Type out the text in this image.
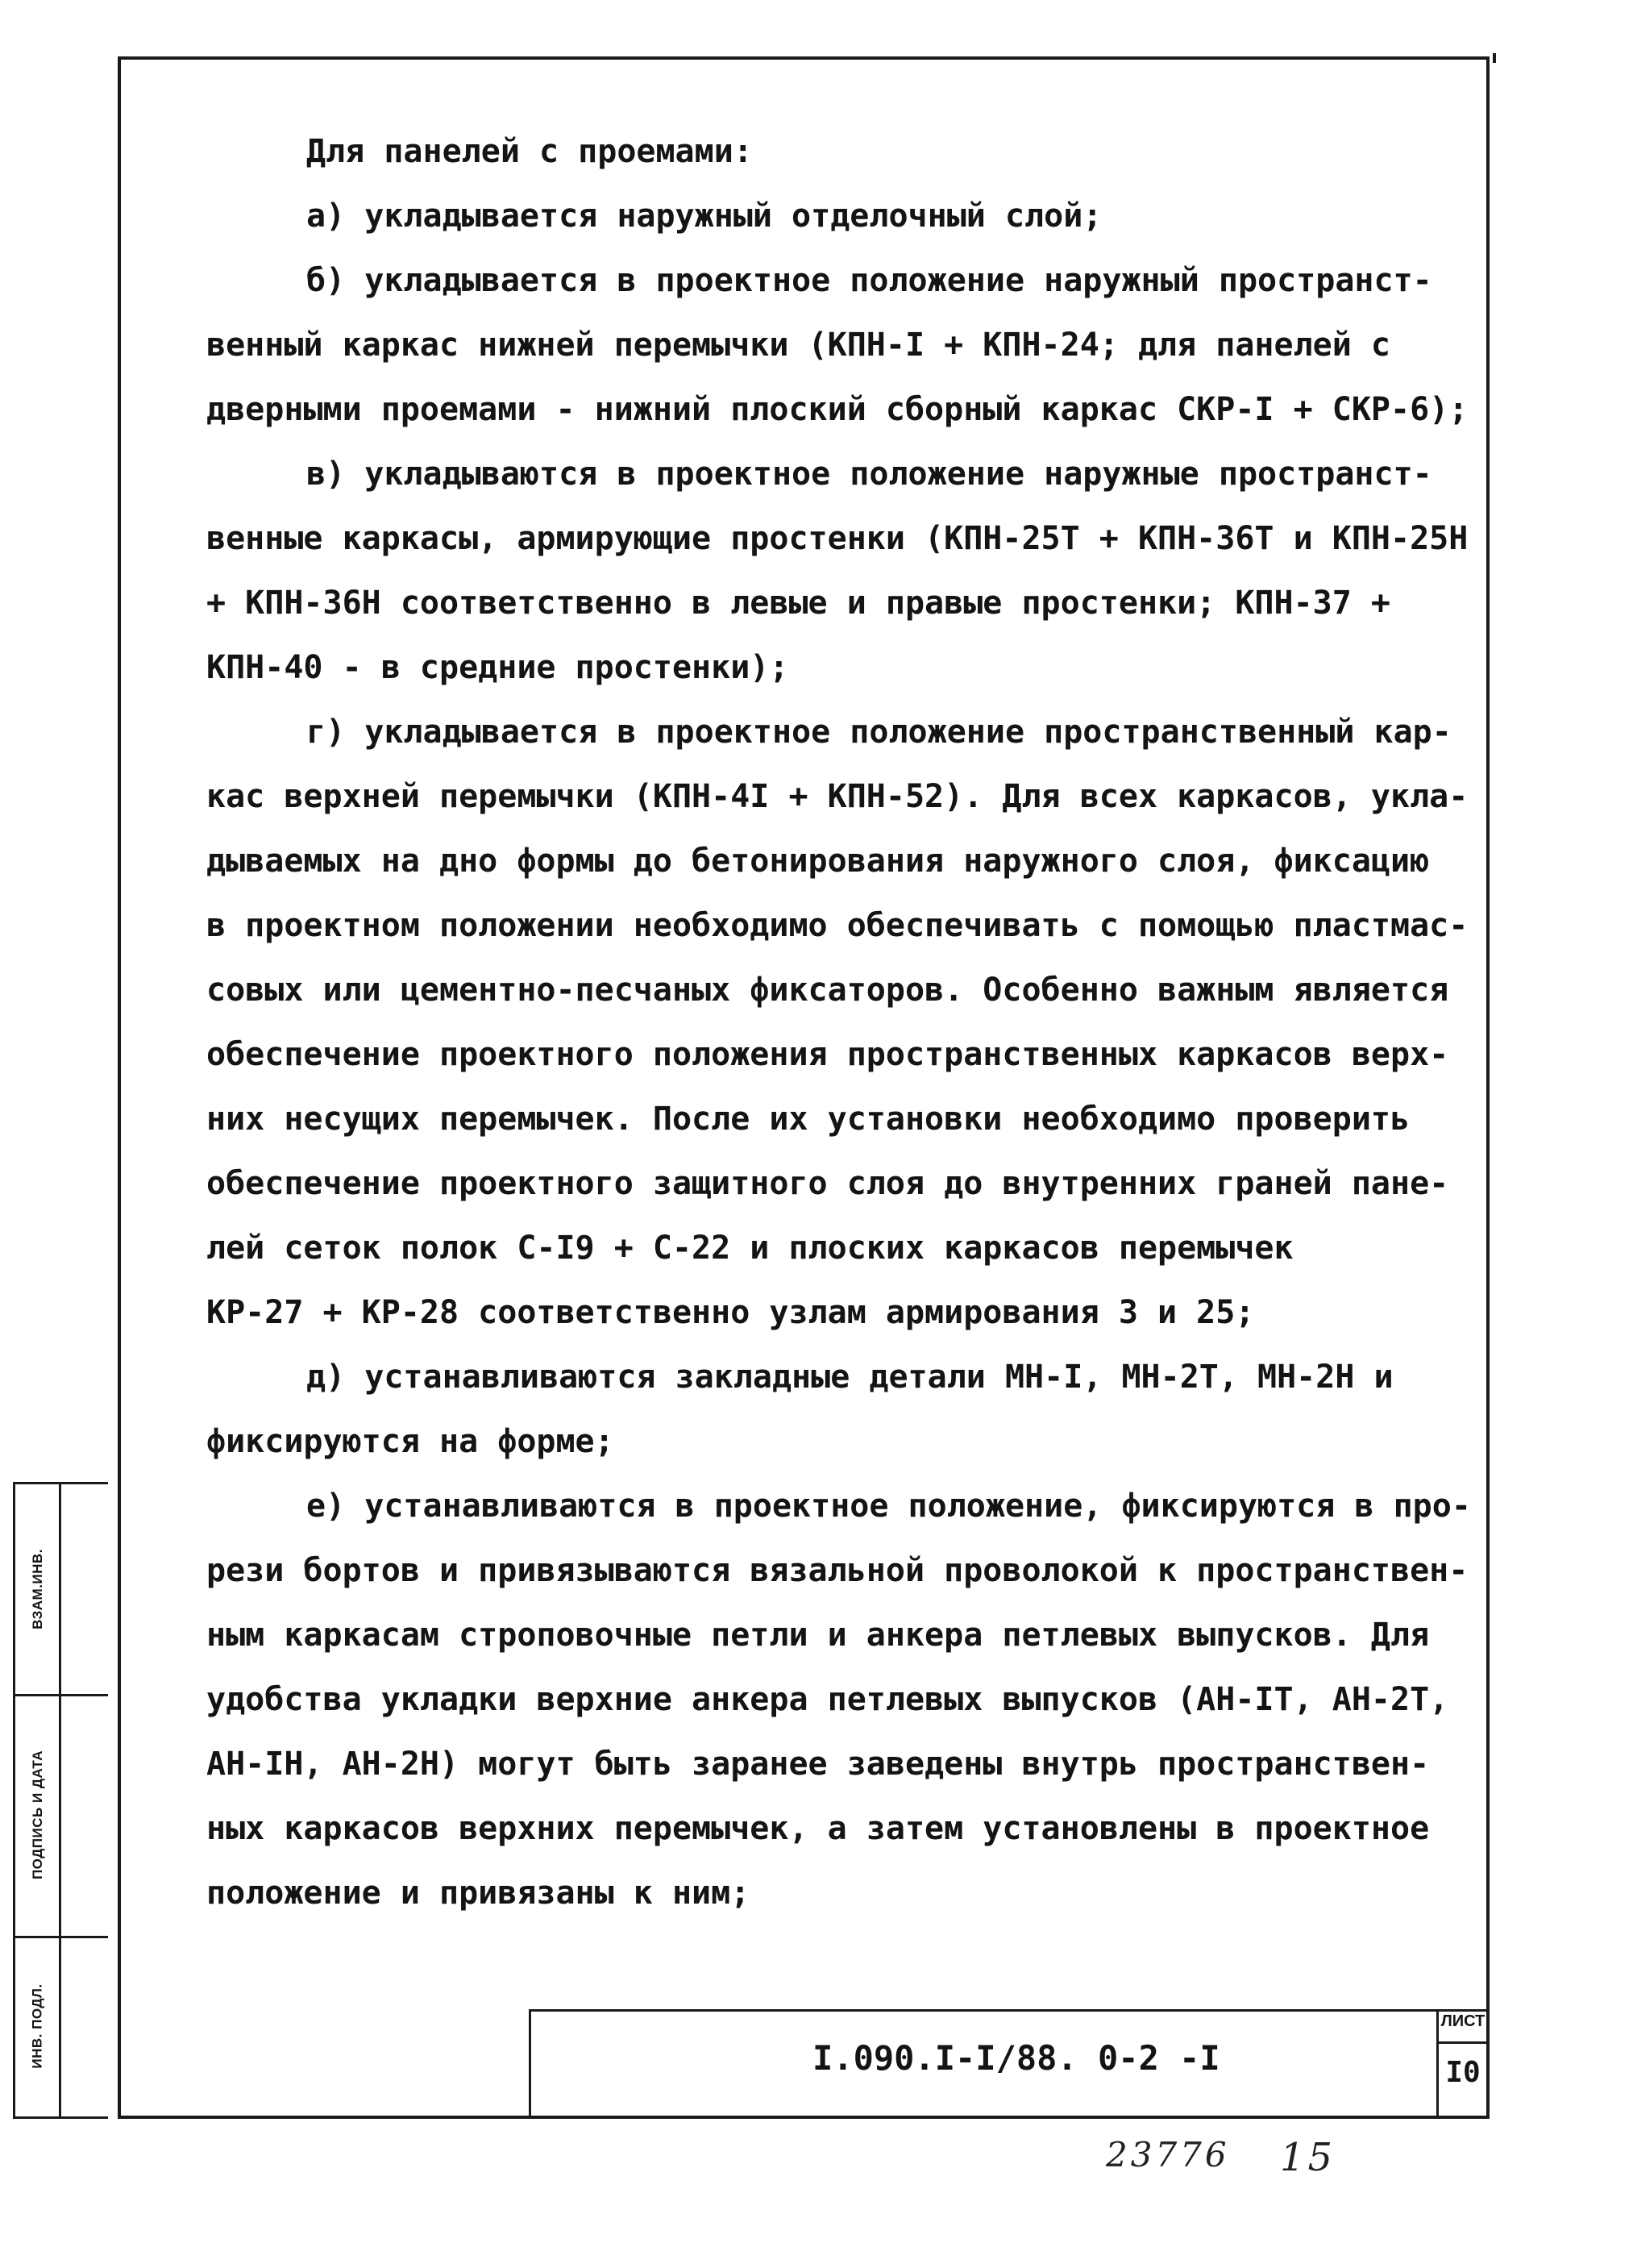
Для панелей с проемами:
а) укладывается наружный отделочный слой;
б) укладывается в проектное положение наружный пространст-
венный каркас нижней перемычки (КПН-I + КПН-24; для панелей с
дверными проемами - нижний плоский сборный каркас СКР-I + СКР-6);
в) укладываются в проектное положение наружные пространст-
венные каркасы, армирующие простенки (КПН-25Т + КПН-36Т и КПН-25Н
+ КПН-36Н соответственно в левые и правые простенки; КПН-37 +
КПН-40 - в средние простенки);
г) укладывается в проектное положение пространственный кар-
кас верхней перемычки (КПН-4I + КПН-52). Для всех каркасов, укла-
дываемых на дно формы до бетонирования наружного слоя, фиксацию
в проектном положении необходимо обеспечивать с помощью пластмас-
совых или цементно-песчаных фиксаторов. Особенно важным является
обеспечение проектного положения пространственных каркасов верх-
них несущих перемычек. После их установки необходимо проверить
обеспечение проектного защитного слоя до внутренних граней пане-
лей сеток полок С-I9 + С-22 и плоских каркасов перемычек
КР-27 + КР-28 соответственно узлам армирования 3 и 25;
д) устанавливаются закладные детали МН-I, МН-2Т, МН-2Н и
фиксируются на форме;
е) устанавливаются в проектное положение, фиксируются в про-
рези бортов и привязываются вязальной проволокой к пространствен-
ным каркасам строповочные петли и анкера петлевых выпусков. Для
удобства укладки верхние анкера петлевых выпусков (АН-IТ, АН-2Т,
АН-IН, АН-2Н) могут быть заранее заведены внутрь пространствен-
ных каркасов верхних перемычек, а затем установлены в проектное
положение и привязаны к ним;
ВЗАМ.ИНВ.
ПОДПИСЬ И ДАТА
ИНВ. ПОДЛ.	I.090.I-I/88. 0-2 -I
ЛИСТ
I0
23776 15
